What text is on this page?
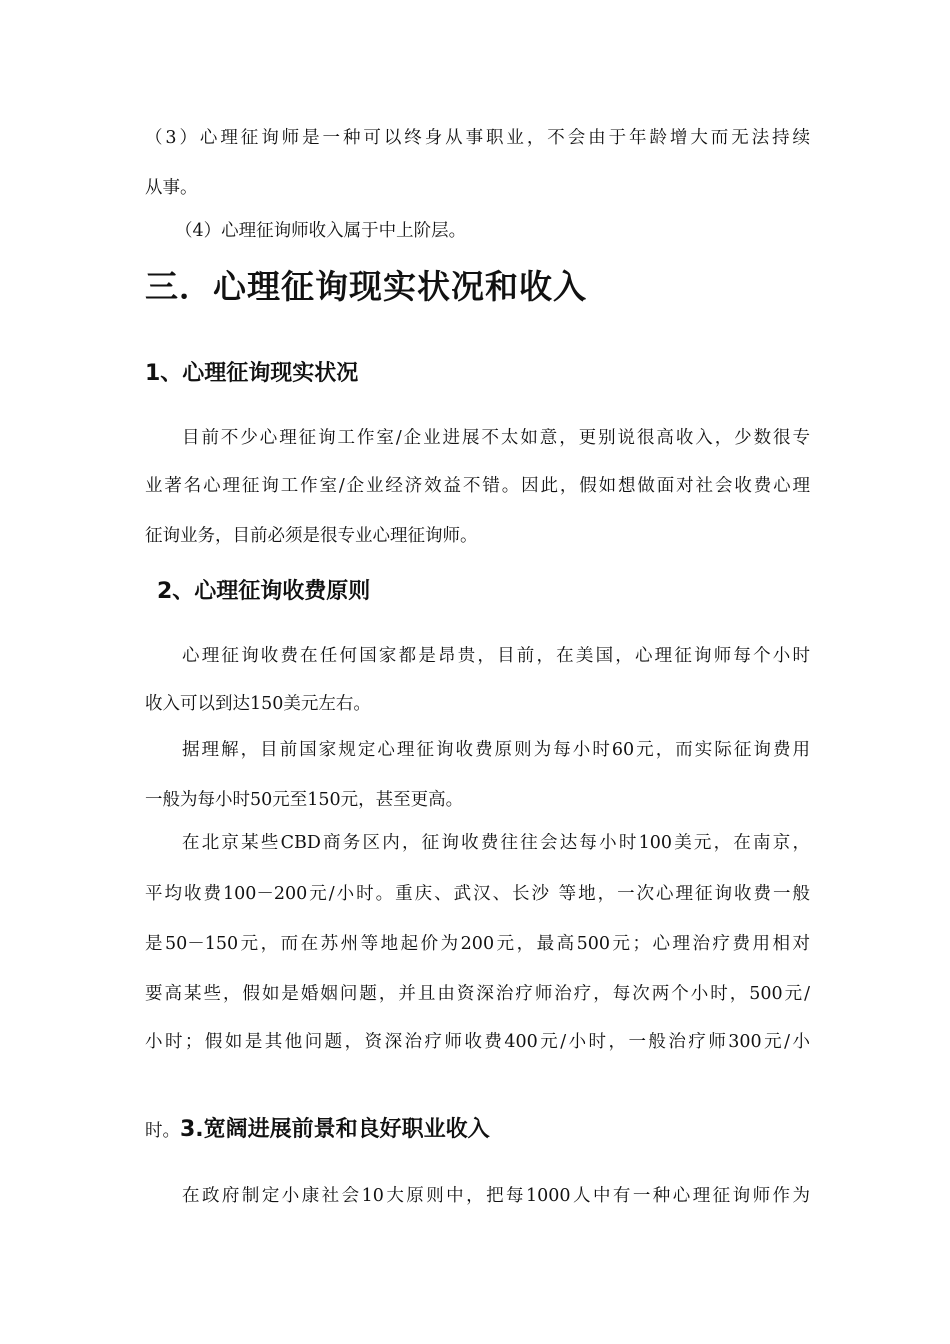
（3）心理征询师是一种可以终身从事职业，不会由于年龄增大而无法持续
从事。
（4）心理征询师收入属于中上阶层。
三．心理征询现实状况和收入
1、心理征询现实状况
目前不少心理征询工作室/企业进展不太如意，更别说很高收入，少数很专
业著名心理征询工作室/企业经济效益不错。因此，假如想做面对社会收费心理
征询业务，目前必须是很专业心理征询师。
2、心理征询收费原则
心理征询收费在任何国家都是昂贵，目前，在美国，心理征询师每个小时
收入可以到达150美元左右。
据理解，目前国家规定心理征询收费原则为每小时60元，而实际征询费用
一般为每小时50元至150元，甚至更高。
在北京某些CBD商务区内，征询收费往往会达每小时100美元，在南京，
平均收费100－200元/小时。重庆、武汉、长沙 等地，一次心理征询收费一般
是50－150元，而在苏州等地起价为200元，最高500元；心理治疗费用相对
要高某些，假如是婚姻问题，并且由资深治疗师治疗，每次两个小时，500元/
小时；假如是其他问题，资深治疗师收费400元/小时，一般治疗师300元/小
时。3.宽阔进展前景和良好职业收入
在政府制定小康社会10大原则中，把每1000人中有一种心理征询师作为
